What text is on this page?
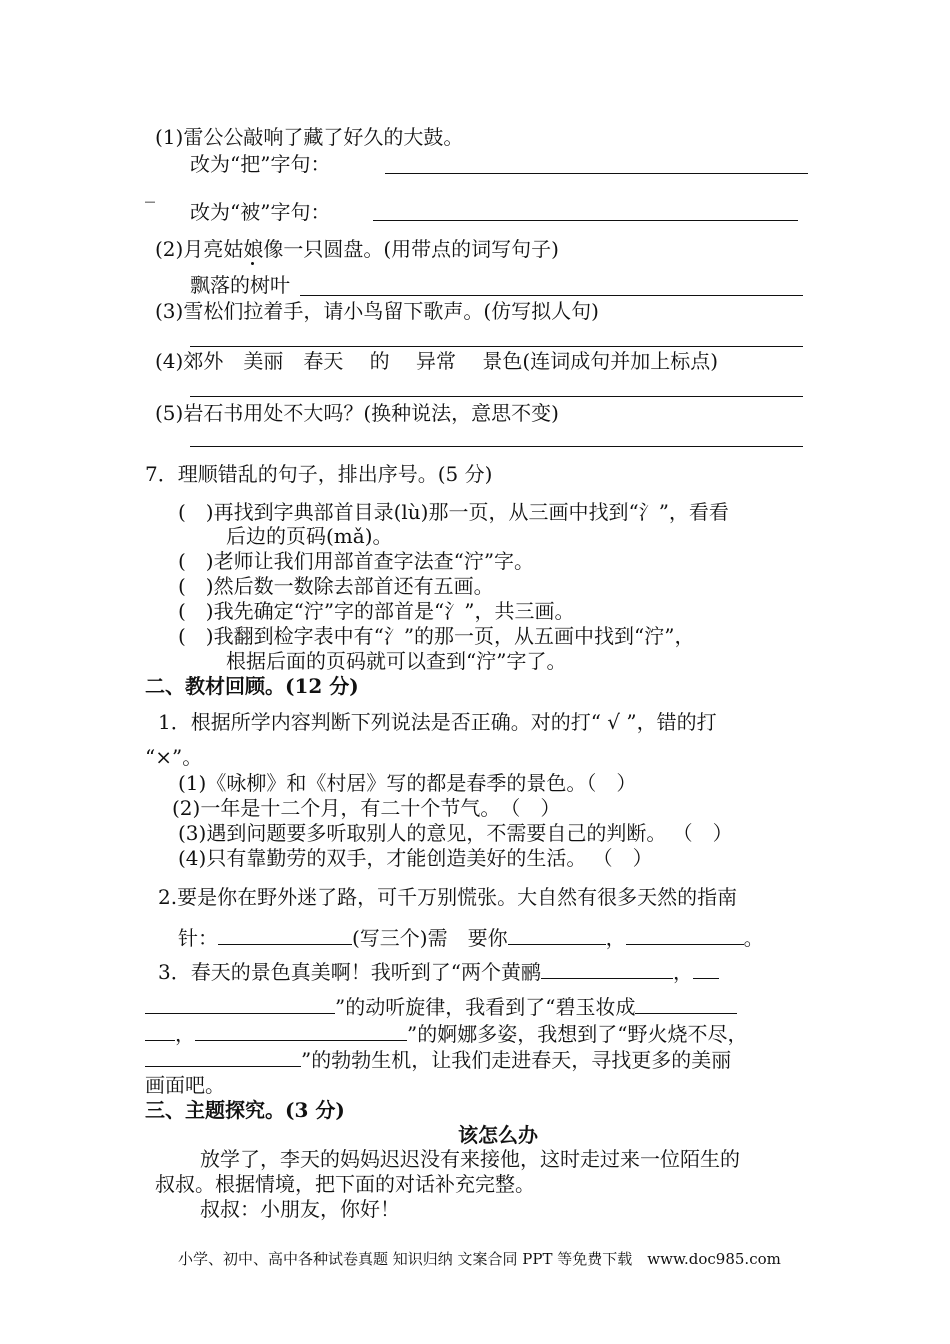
(1)雷公公敲响了藏了好久的大鼓。
改为“把”字句：
_
改为“被”字句：
(2)月亮姑娘像一只圆盘。(用带点的词写句子)
飘落的树叶
(3)雪松们拉着手，请小鸟留下歌声。(仿写拟人句)
(4)郊外　美丽　春天　 的　 异常　 景色(连词成句并加上标点)
(5)岩石书用处不大吗？(换种说法，意思不变)
7．理顺错乱的句子，排出序号。(5 分)
(　)再找到字典部首目录(lù)那一页，从三画中找到“氵”，看看
后边的页码(mǎ)。
(　)老师让我们用部首查字法查“泞”字。
(　)然后数一数除去部首还有五画。
(　)我先确定“泞”字的部首是“氵”，共三画。
(　)我翻到检字表中有“氵”的那一页，从五画中找到“泞”，
根据后面的页码就可以查到“泞”字了。
二、教材回顾。(12 分)
1．根据所学内容判断下列说法是否正确。对的打“ √ ”，错的打
“×”。
(1)《咏柳》和《村居》写的都是春季的景色。（　）
(2)一年是十二个月，有二十个节气。　（　）
(3)遇到问题要多听取别人的意见，不需要自己的判断。 （　）
(4)只有靠勤劳的双手，才能创造美好的生活。 （　）
2.要是你在野外迷了路，可千万别慌张。大自然有很多天然的指南
针：	(写三个)需　要你	，	。
3．春天的景色真美啊！我听到了“两个黄鹂	，
”的动听旋律，我看到了“碧玉妆成
，	”的婀娜多姿，我想到了“野火烧不尽，
”的勃勃生机，让我们走进春天，寻找更多的美丽
画面吧。
三、主题探究。(3 分)
该怎么办
放学了，李天的妈妈迟迟没有来接他，这时走过来一位陌生的
叔叔。根据情境，把下面的对话补充完整。
叔叔：小朋友，你好！
小学、初中、高中各种试卷真题 知识归纳 文案合同 PPT 等免费下载　www.doc985.com
